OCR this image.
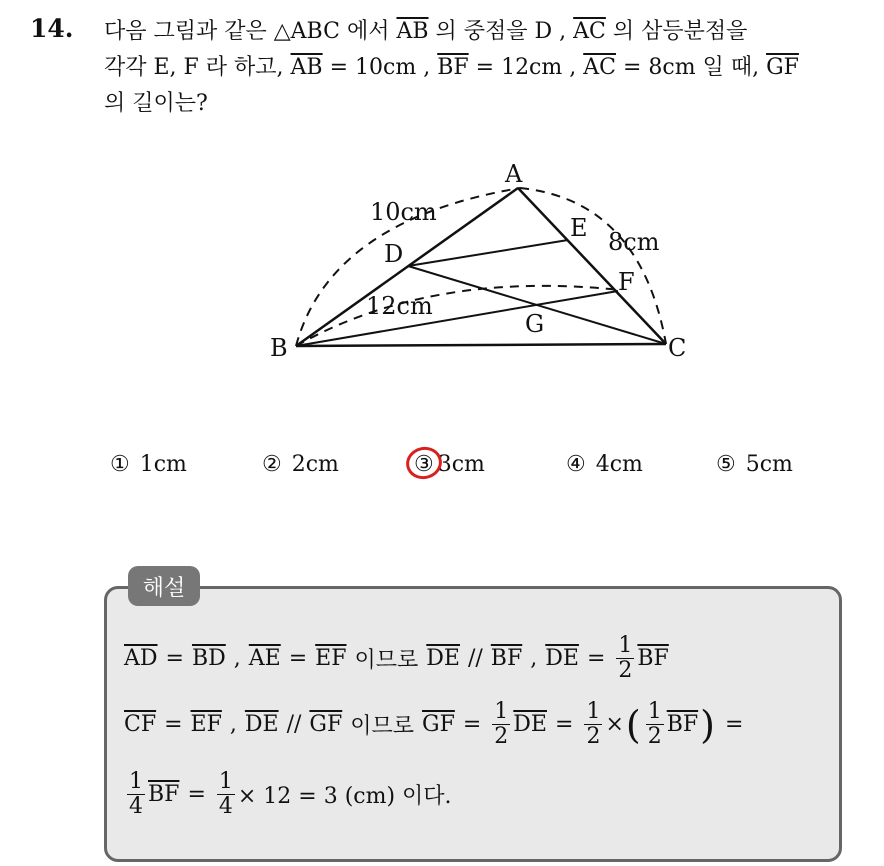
14. 다음 그림과 같은 △ABC 에서 $\overline{AB}$ 의 중점을 D , $\overline{AC}$ 의 삼등분점을
각각 E, F 라 하고, $\overline{AB} = 10cm$ , $\overline{BF} = 12cm$ , $\overline{AC} = 8cm$ 일 때, $\overline{GF}$
의 길이는?
A
B	C
D
E
F
G
10cm
8cm
12cm
① 1cm	② 2cm	③ 3cm	④ 4cm	⑤ 5cm
해설
$\overline{AD} = \overline{BD}$ , $\overline{AE} = \overline{EF}$ 이므로 $\overline{DE} // \overline{BF}$ , $\overline{DE} = \frac{1}{2} \overline{BF}$
$\overline{CF} = \overline{EF}$ , $\overline{DE} // \overline{GF}$ 이므로 $\overline{GF} = \frac{1}{2} \overline{DE} = \frac{1}{2}$ × ( $\frac{1}{2} \overline{BF}$ ) =
$\frac{1}{4} \overline{BF} = \frac{1}{4} \times 12 = 3$ (cm) 이다.
